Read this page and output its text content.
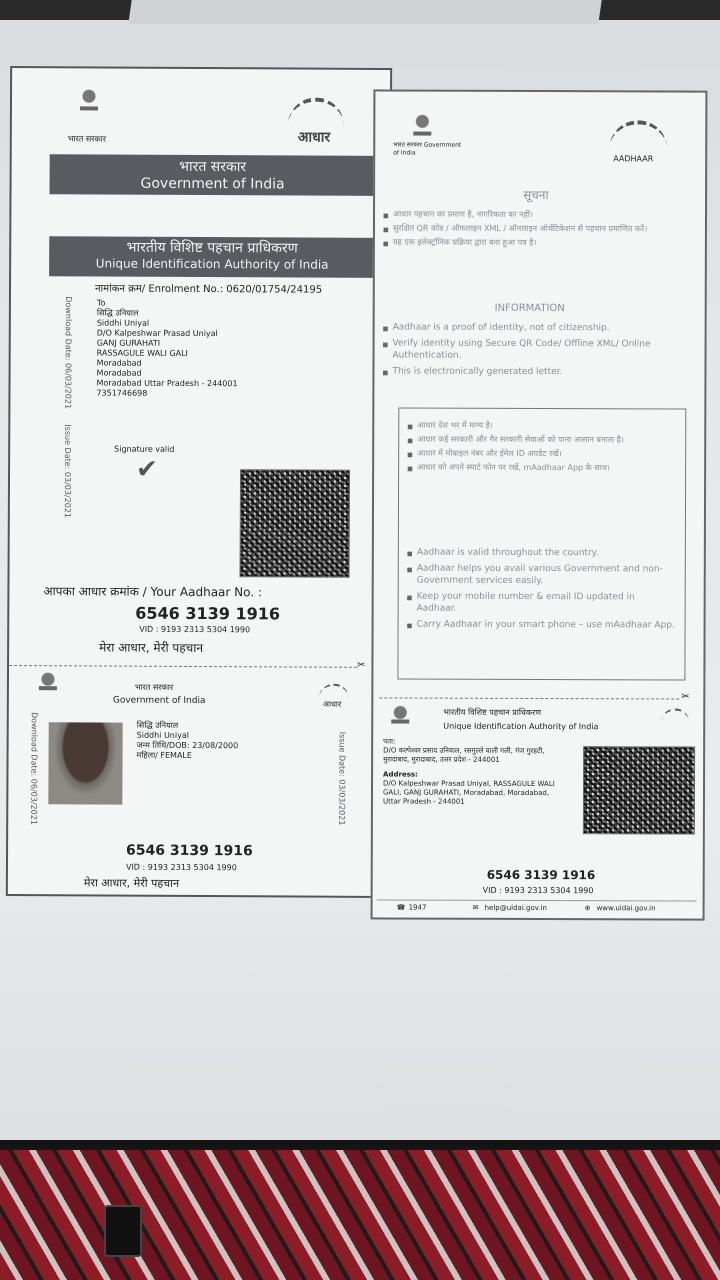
भारत सरकार	आधार
भारत सरकार
Government of India
भारतीय विशिष्ट पहचान प्राधिकरण
Unique Identification Authority of India
नामांकन क्रम/ Enrolment No.: 0620/01754/24195
Download Date: 06/03/2021
Issue Date: 03/03/2021
To
सिद्धि उनियाल
Siddhi Uniyal
D/O Kalpeshwar Prasad Uniyal
GANJ GURAHATI
RASSAGULE WALI GALI
Moradabad
Moradabad
Moradabad Uttar Pradesh - 244001
7351746698
Signature valid
✔
आपका आधार क्रमांक / Your Aadhaar No. :
6546 3139 1916
VID : 9193 2313 5304 1990
मेरा आधार, मेरी पहचान
✂
भारत सरकार
Government of India	आधार
Download Date: 06/03/2021	Issue Date: 03/03/2021
सिद्धि उनियाल
Siddhi Uniyal
जन्म तिथि/DOB: 23/08/2000
महिला/ FEMALE
6546 3139 1916
VID : 9193 2313 5304 1990
मेरा आधार, मेरी पहचान
भारत सरकार Government of India
AADHAAR
सूचना
■ आधार पहचान का प्रमाण है, नागरिकता का नहीं।
■ सुरक्षित QR कोड / ऑफलाइन XML / ऑनलाइन ऑथेंटिकेशन से पहचान प्रमाणित करें।
■ यह एक इलेक्ट्रॉनिक प्रक्रिया द्वारा बना हुआ पत्र है।
INFORMATION
■ Aadhaar is a proof of identity, not of citizenship.
■ Verify identity using Secure QR Code/ Offline XML/ Online Authentication.
■ This is electronically generated letter.
■ आधार देश भर में मान्य है।
■ आधार कई सरकारी और गैर सरकारी सेवाओं को पाना आसान बनाता है।
■ आधार में मोबाइल नंबर और ईमेल ID अपडेट रखें।
■ आधार को अपने स्मार्ट फोन पर रखें, mAadhaar App के साथ।
■ Aadhaar is valid throughout the country.
■ Aadhaar helps you avail various Government and non-Government services easily.
■ Keep your mobile number & email ID updated in Aadhaar.
■ Carry Aadhaar in your smart phone – use mAadhaar App.
✂
भारतीय विशिष्ट पहचान प्राधिकरण
Unique Identification Authority of India
पता:
D/O कल्पेश्वर प्रसाद उनियाल, रसगुल्ले वाली गली, गंज गुरहटी, मुरादाबाद, मुरादाबाद, उत्तर प्रदेश - 244001
Address:
D/O Kalpeshwar Prasad Uniyal, RASSAGULE WALI GALI, GANJ GURAHATI, Moradabad, Moradabad, Uttar Pradesh - 244001
6546 3139 1916
VID : 9193 2313 5304 1990
☎ 1947	✉ help@uidai.gov.in	⊕ www.uidai.gov.in
